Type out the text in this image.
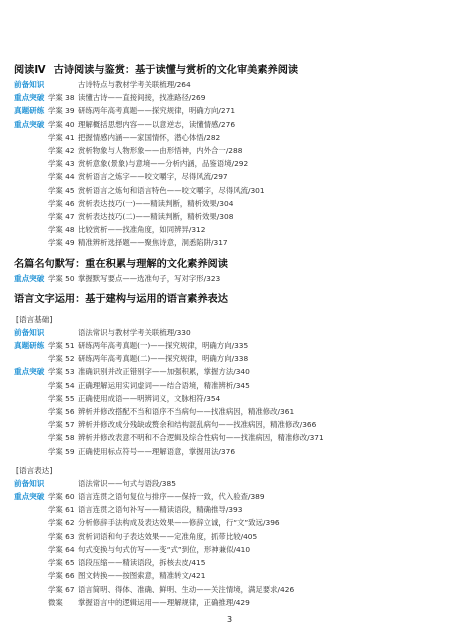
阅读Ⅳ 古诗阅读与鉴赏：基于读懂与赏析的文化审美素养阅读
前备知识	古诗特点与教材学考关联梳理/264
重点突破 学案 38 读懂古诗——直接间接，找准路径/269
真题研练 学案 39 研练两年高考真题——探究规律，明确方向/271
重点突破 学案 40 理解概括思想内容——以意逆志，读懂情感/276
学案 41 把握情感内涵——家国情怀，潜心体悟/282
学案 42 赏析物象与人物形象——由形悟神，内外合一/288
学案 43 赏析意象(景象)与意境——分析内涵，品鉴语境/292
学案 44 赏析语言之炼字——咬文嚼字，尽得风流/297
学案 45 赏析语言之炼句和语言特色——咬文嚼字，尽得风流/301
学案 46 赏析表达技巧(一)——精读判断，精析效果/304
学案 47 赏析表达技巧(二)——精读判断，精析效果/308
学案 48 比较赏析——找准角度，如同辨异/312
学案 49 精准辨析选择题——聚焦诗意，洞悉陷阱/317
名篇名句默写：重在积累与理解的文化素养阅读
重点突破 学案 50 掌握默写要点——选准句子，写对字形/323
语言文字运用：基于建构与运用的语言素养表达
[语言基础]
前备知识	语法常识与教材学考关联梳理/330
真题研练 学案 51 研练两年高考真题(一)——探究规律，明确方向/335
学案 52 研练两年高考真题(二)——探究规律，明确方向/338
重点突破 学案 53 准确识别并改正错别字——加强积累，掌握方法/340
学案 54 正确理解运用实词虚词——结合语境，精准辨析/345
学案 55 正确使用成语——明辨词义，文脉相符/354
学案 56 辨析并修改搭配不当和语序不当病句——找准病因，精准修改/361
学案 57 辨析并修改成分残缺或赘余和结构混乱病句——找准病因，精准修改/366
学案 58 辨析并修改表意不明和不合逻辑及综合性病句——找准病因，精准修改/371
学案 59 正确使用标点符号——理解语意，掌握用法/376
[语言表达]
前备知识	语法常识——句式与语段/385
重点突破 学案 60 语言连贯之语句复位与排序——保持一致，代入验查/389
学案 61 语言连贯之语句补写——精读语段，精确推导/393
学案 62 分析修辞手法构成及表达效果——修辞立诚，行“文”致远/396
学案 63 赏析词语和句子表达效果——定准角度，抓带比较/405
学案 64 句式变换与句式仿写——变“式”到位，形神兼似/410
学案 65 语段压缩——精读语段，拆核去皮/415
学案 66 图文转换——按图索意，精准转文/421
学案 67 语言简明、得体、准确、鲜明、生动——关注情境，满足要求/426
微案	掌握语言中的逻辑运用——理解规律，正确推理/429
3
